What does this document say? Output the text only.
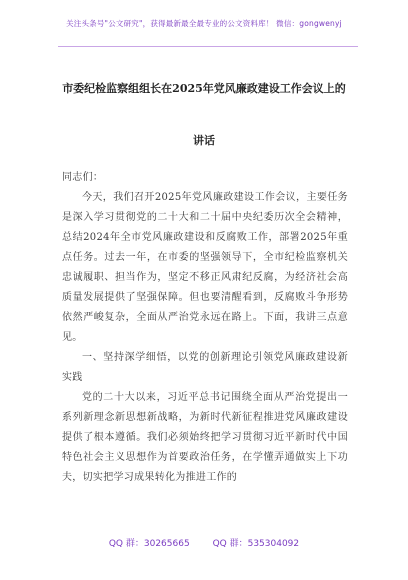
关注头条号"公文研究"，获得最新最全最专业的公文资料库！ 微信：gongwenyj
市委纪检监察组组长在2025年党风廉政建设工作会议上的
讲话

同志们：

今天，我们召开2025年党风廉政建设工作会议，主要任务是深入学习贯彻党的二十大和二十届中央纪委历次全会精神，总结2024年全市党风廉政建设和反腐败工作，部署2025年重点任务。过去一年，在市委的坚强领导下，全市纪检监察机关忠诚履职、担当作为，坚定不移正风肃纪反腐，为经济社会高质量发展提供了坚强保障。但也要清醒看到，反腐败斗争形势依然严峻复杂，全面从严治党永远在路上。下面，我讲三点意见。

一、坚持深学细悟，以党的创新理论引领党风廉政建设新实践

党的二十大以来，习近平总书记围绕全面从严治党提出一系列新理念新思想新战略，为新时代新征程推进党风廉政建设提供了根本遵循。我们必须始终把学习贯彻习近平新时代中国特色社会主义思想作为首要政治任务，在学懂弄通做实上下功夫，切实把学习成果转化为推进工作的

QQ 群：30265665	QQ 群：535304092
